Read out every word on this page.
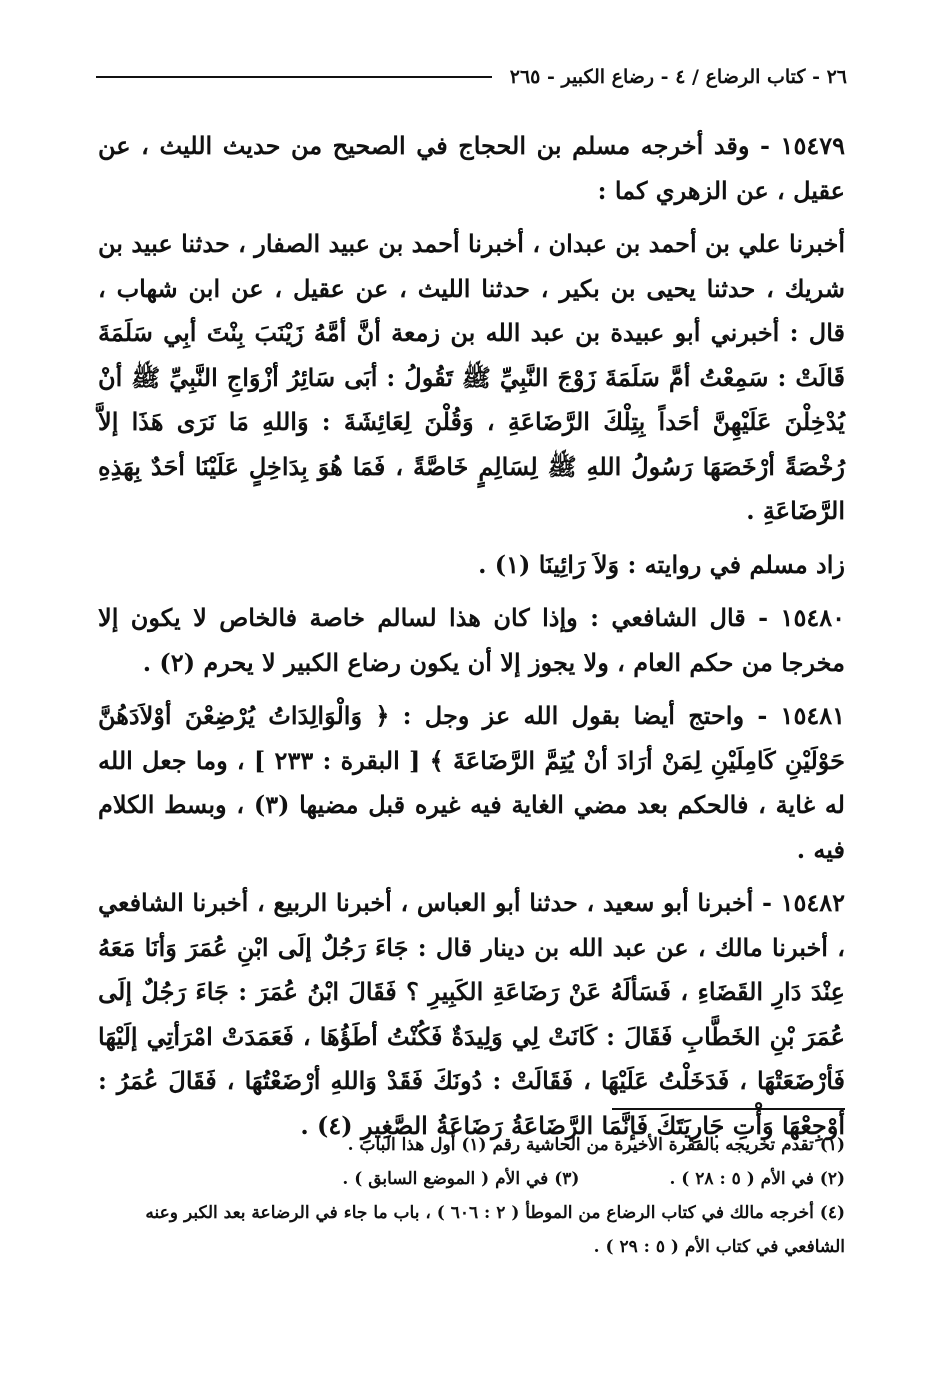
٢٦ - كتاب الرضاع / ٤ - رضاع الكبير - ٢٦٥

١٥٤٧٩ - وقد أخرجه مسلم بن الحجاج في الصحيح من حديث الليث ، عن عقيل ، عن الزهري كما :

أخبرنا علي بن أحمد بن عبدان ، أخبرنا أحمد بن عبيد الصفار ، حدثنا عبيد بن شريك ، حدثنا يحيى بن بكير ، حدثنا الليث ، عن عقيل ، عن ابن شهاب ، قال : أخبرني أبو عبيدة بن عبد الله بن زمعة أنَّ أمَّهُ زَيْنَبَ بِنْتَ أبِي سَلَمَةَ قَالَتْ : سَمِعْتُ أمَّ سَلَمَةَ زَوْجَ النَّبِيِّ ﷺ تَقُولُ : أبَى سَائِرُ أزْوَاجِ النَّبِيِّ ﷺ أنْ يُدْخِلْنَ عَلَيْهِنَّ أحَداً بِتِلْكَ الرَّضَاعَةِ ، وَقُلْنَ لِعَائِشَةَ : وَاللهِ مَا نَرَى هَذَا إلاَّ رُخْصَةً أرْخَصَهَا رَسُولُ اللهِ ﷺ لِسَالِمٍ خَاصَّةً ، فَمَا هُوَ بِدَاخِلٍ عَلَيْنَا أحَدٌ بِهَذِهِ الرَّضَاعَةِ .

زاد مسلم في روايته : وَلاَ رَائِينَا (١) .

١٥٤٨٠ - قال الشافعي : وإذا كان هذا لسالم خاصة فالخاص لا يكون إلا مخرجا من حكم العام ، ولا يجوز إلا أن يكون رضاع الكبير لا يحرم (٢) .

١٥٤٨١ - واحتج أيضا بقول الله عز وجل : ﴿ وَالْوَالِدَاتُ يُرْضِعْنَ أوْلاَدَهُنَّ حَوْلَيْنِ كَامِلَيْنِ لِمَنْ أرَادَ أنْ يُتِمَّ الرَّضَاعَةَ ﴾ [ البقرة : ٢٣٣ ] ، وما جعل الله له غاية ، فالحكم بعد مضي الغاية فيه غيره قبل مضيها (٣) ، وبسط الكلام فيه .

١٥٤٨٢ - أخبرنا أبو سعيد ، حدثنا أبو العباس ، أخبرنا الربيع ، أخبرنا الشافعي ، أخبرنا مالك ، عن عبد الله بن دينار قال : جَاءَ رَجُلٌ إلَى ابْنِ عُمَرَ وَأنَا مَعَهُ عِنْدَ دَارِ القَضَاءِ ، فَسَألَهُ عَنْ رَضَاعَةِ الكَبِيرِ ؟ فَقَالَ ابْنُ عُمَرَ : جَاءَ رَجُلٌ إلَى عُمَرَ بْنِ الخَطَّابِ فَقَالَ : كَانَتْ لِي وَلِيدَةٌ فَكُنْتُ أطَؤُهَا ، فَعَمَدَتْ امْرَأتِي إلَيْهَا فَأرْضَعَتْهَا ، فَدَخَلْتُ عَلَيْهَا ، فَقَالَتْ : دُونَكَ فَقَدْ وَاللهِ أرْضَعْتُهَا ، فَقَالَ عُمَرُ : أوْجِعْهَا وَأْتِ جَارِيَتَكَ فَإنَّمَا الرَّضَاعَةُ رَضَاعَةُ الصَّغِيرِ (٤) .

(١) تقدم تخريجه بالفقرة الأخيرة من الحاشية رقم (١) أول هذا الباب .

(٢) في الأم ( ٥ : ٢٨ ) .

(٣) في الأم ( الموضع السابق ) .

(٤) أخرجه مالك في كتاب الرضاع من الموطأ ( ٢ : ٦٠٦ ) ، باب ما جاء في الرضاعة بعد الكبر وعنه الشافعي في كتاب الأم ( ٥ : ٢٩ ) .
